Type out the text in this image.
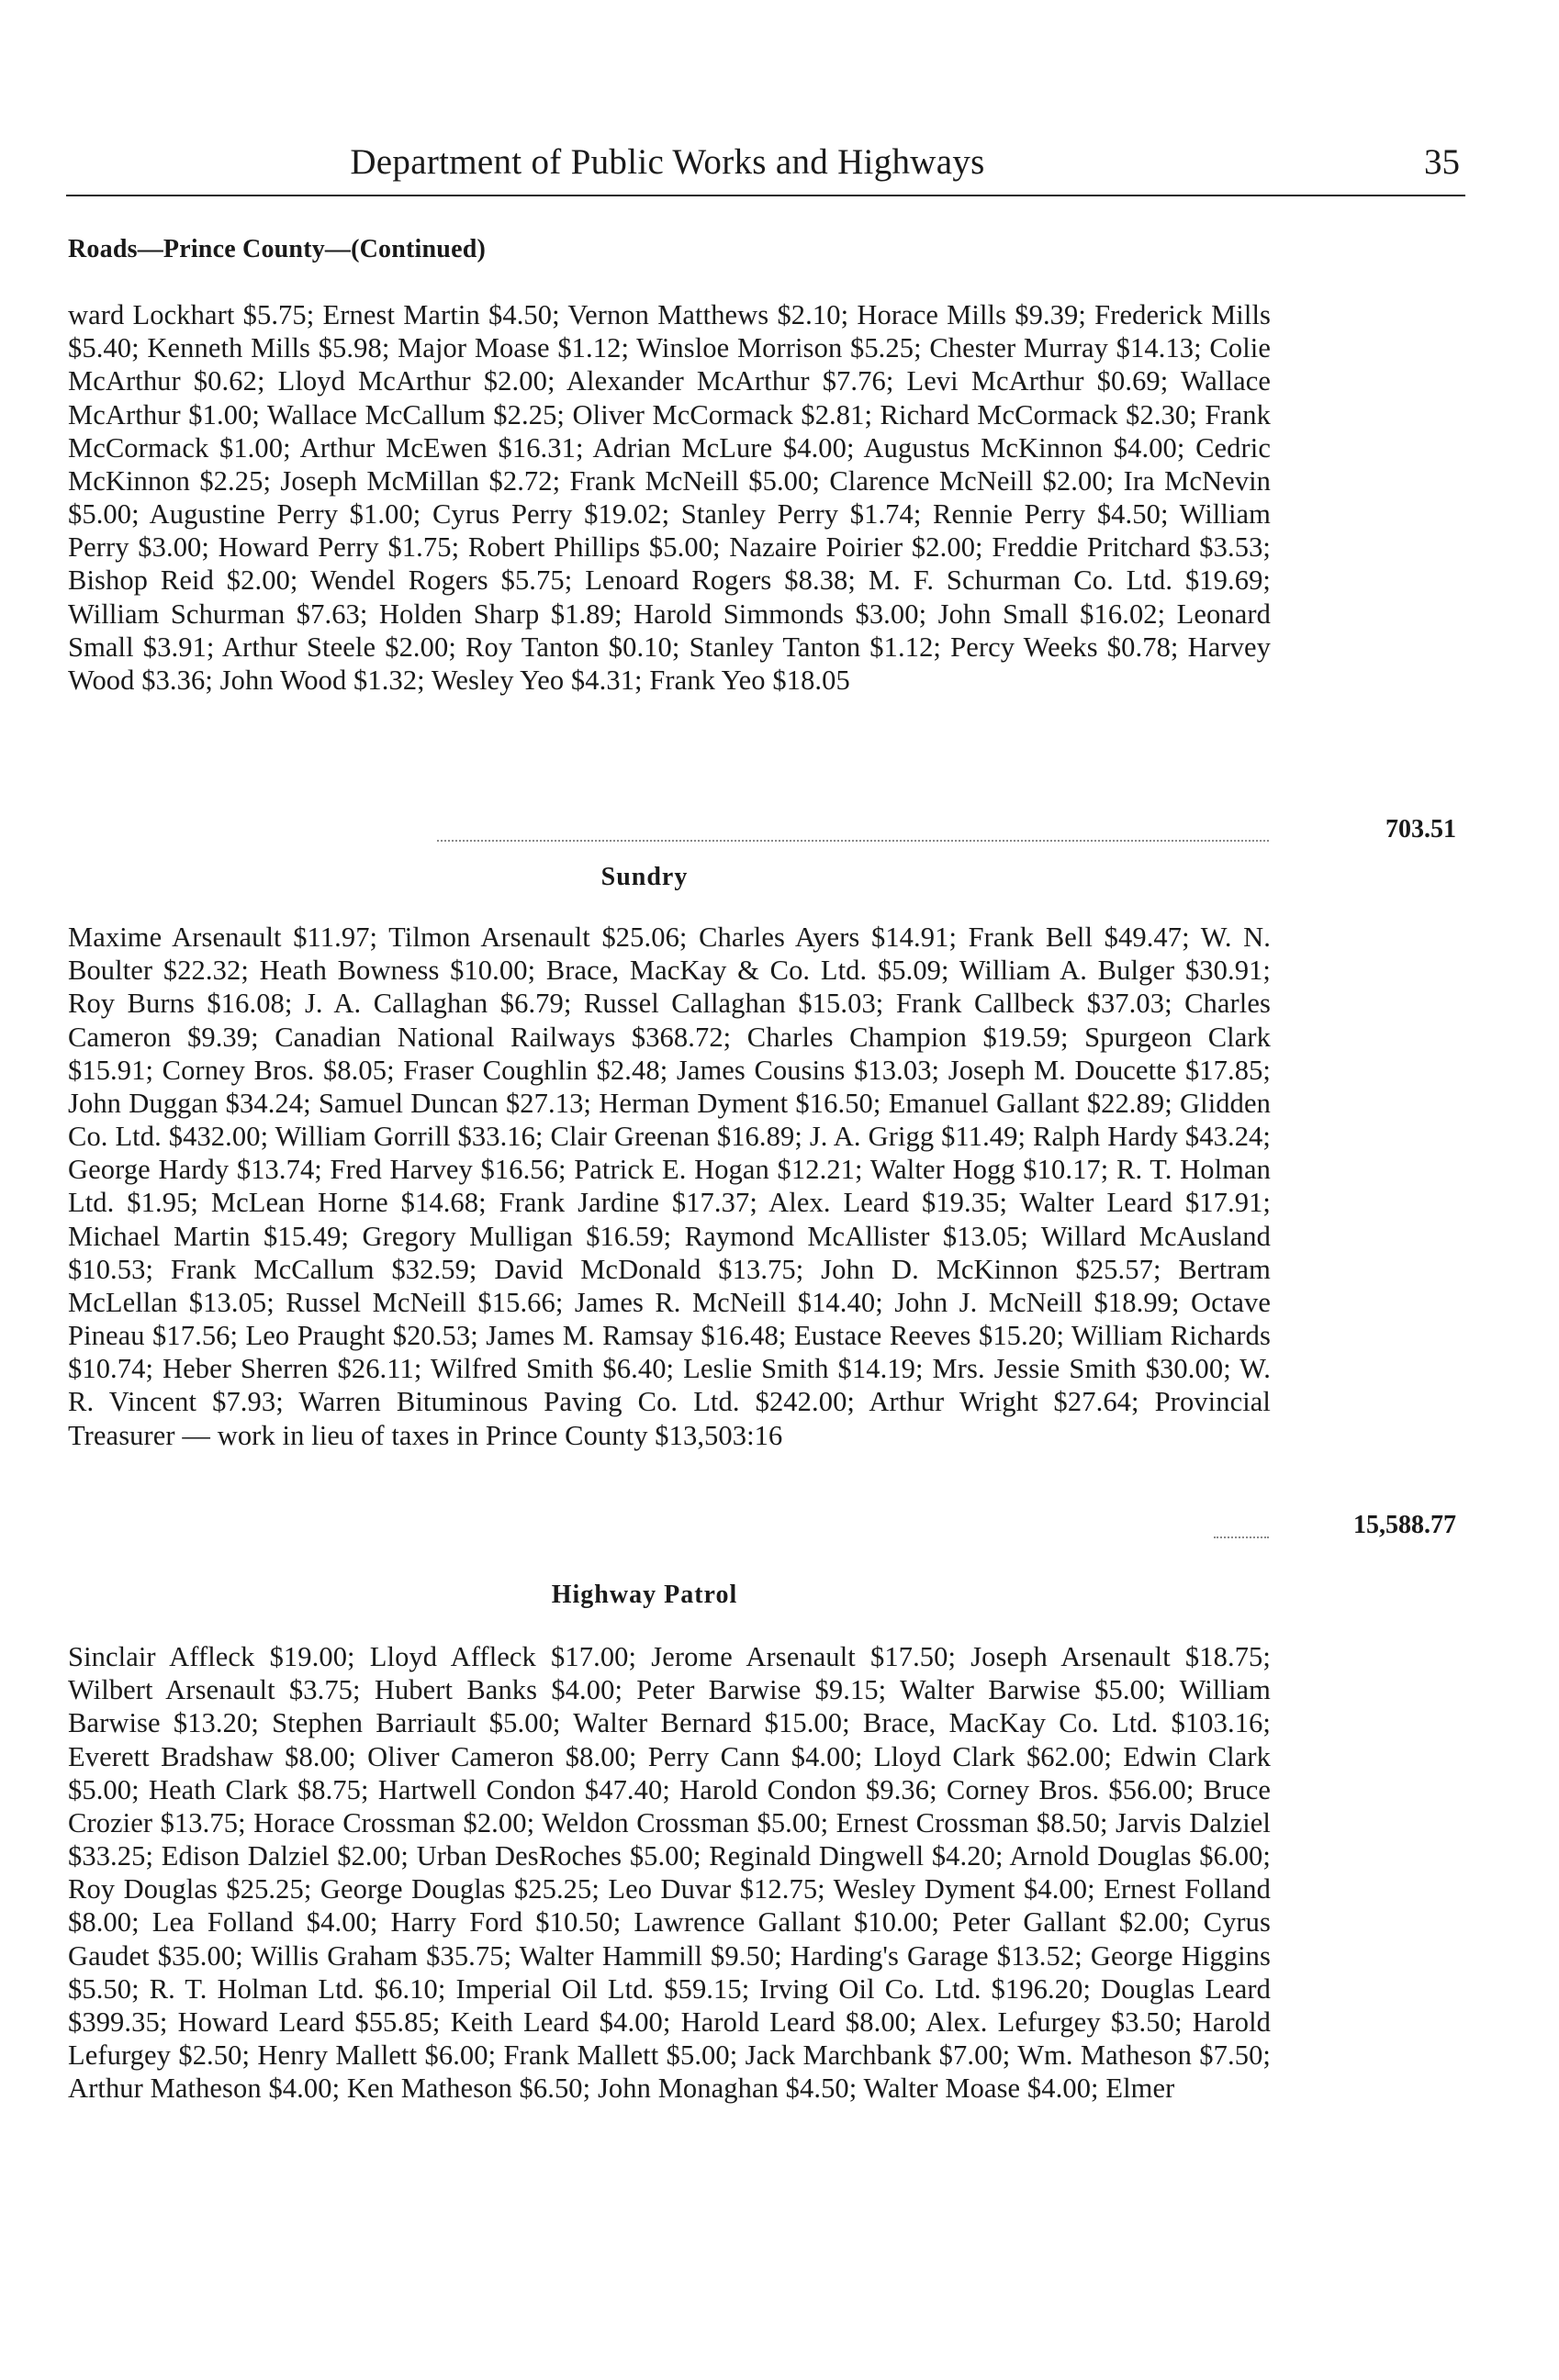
Department of Public Works and Highways	35
Roads—Prince County—(Continued)

ward Lockhart $5.75; Ernest Martin $4.50; Vernon Matthews $2.10; Horace Mills $9.39; Frederick Mills $5.40; Kenneth Mills $5.98; Major Moase $1.12; Winsloe Morrison $5.25; Chester Murray $14.13; Colie McArthur $0.62; Lloyd McArthur $2.00; Alexander McArthur $7.76; Levi McArthur $0.69; Wallace McArthur $1.00; Wallace McCallum $2.25; Oliver McCormack $2.81; Richard McCormack $2.30; Frank McCormack $1.00; Arthur McEwen $16.31; Adrian McLure $4.00; Augustus McKinnon $4.00; Cedric McKinnon $2.25; Joseph McMillan $2.72; Frank McNeill $5.00; Clarence McNeill $2.00; Ira McNevin $5.00; Augustine Perry $1.00; Cyrus Perry $19.02; Stanley Perry $1.74; Rennie Perry $4.50; William Perry $3.00; Howard Perry $1.75; Robert Phillips $5.00; Nazaire Poirier $2.00; Freddie Pritchard $3.53; Bishop Reid $2.00; Wendel Rogers $5.75; Lenoard Rogers $8.38; M. F. Schurman Co. Ltd. $19.69; William Schurman $7.63; Holden Sharp $1.89; Harold Simmonds $3.00; John Small $16.02; Leonard Small $3.91; Arthur Steele $2.00; Roy Tanton $0.10; Stanley Tanton $1.12; Percy Weeks $0.78; Harvey Wood $3.36; John Wood $1.32; Wesley Yeo $4.31; Frank Yeo $18.05

703.51
Sundry

Maxime Arsenault $11.97; Tilmon Arsenault $25.06; Charles Ayers $14.91; Frank Bell $49.47; W. N. Boulter $22.32; Heath Bowness $10.00; Brace, MacKay & Co. Ltd. $5.09; William A. Bulger $30.91; Roy Burns $16.08; J. A. Callaghan $6.79; Russel Callaghan $15.03; Frank Callbeck $37.03; Charles Cameron $9.39; Canadian National Railways $368.72; Charles Champion $19.59; Spurgeon Clark $15.91; Corney Bros. $8.05; Fraser Coughlin $2.48; James Cousins $13.03; Joseph M. Doucette $17.85; John Duggan $34.24; Samuel Duncan $27.13; Herman Dyment $16.50; Emanuel Gallant $22.89; Glidden Co. Ltd. $432.00; William Gorrill $33.16; Clair Greenan $16.89; J. A. Grigg $11.49; Ralph Hardy $43.24; George Hardy $13.74; Fred Harvey $16.56; Patrick E. Hogan $12.21; Walter Hogg $10.17; R. T. Holman Ltd. $1.95; McLean Horne $14.68; Frank Jardine $17.37; Alex. Leard $19.35; Walter Leard $17.91; Michael Martin $15.49; Gregory Mulligan $16.59; Raymond McAllister $13.05; Willard McAusland $10.53; Frank McCallum $32.59; David McDonald $13.75; John D. McKinnon $25.57; Bertram McLellan $13.05; Russel McNeill $15.66; James R. McNeill $14.40; John J. McNeill $18.99; Octave Pineau $17.56; Leo Praught $20.53; James M. Ramsay $16.48; Eustace Reeves $15.20; William Richards $10.74; Heber Sherren $26.11; Wilfred Smith $6.40; Leslie Smith $14.19; Mrs. Jessie Smith $30.00; W. R. Vincent $7.93; Warren Bituminous Paving Co. Ltd. $242.00; Arthur Wright $27.64; Provincial Treasurer — work in lieu of taxes in Prince County $13,503:16

15,588.77
Highway Patrol

Sinclair Affleck $19.00; Lloyd Affleck $17.00; Jerome Arsenault $17.50; Joseph Arsenault $18.75; Wilbert Arsenault $3.75; Hubert Banks $4.00; Peter Barwise $9.15; Walter Barwise $5.00; William Barwise $13.20; Stephen Barriault $5.00; Walter Bernard $15.00; Brace, MacKay Co. Ltd. $103.16; Everett Bradshaw $8.00; Oliver Cameron $8.00; Perry Cann $4.00; Lloyd Clark $62.00; Edwin Clark $5.00; Heath Clark $8.75; Hartwell Condon $47.40; Harold Condon $9.36; Corney Bros. $56.00; Bruce Crozier $13.75; Horace Crossman $2.00; Weldon Crossman $5.00; Ernest Crossman $8.50; Jarvis Dalziel $33.25; Edison Dalziel $2.00; Urban DesRoches $5.00; Reginald Dingwell $4.20; Arnold Douglas $6.00; Roy Douglas $25.25; George Douglas $25.25; Leo Duvar $12.75; Wesley Dyment $4.00; Ernest Folland $8.00; Lea Folland $4.00; Harry Ford $10.50; Lawrence Gallant $10.00; Peter Gallant $2.00; Cyrus Gaudet $35.00; Willis Graham $35.75; Walter Hammill $9.50; Harding's Garage $13.52; George Higgins $5.50; R. T. Holman Ltd. $6.10; Imperial Oil Ltd. $59.15; Irving Oil Co. Ltd. $196.20; Douglas Leard $399.35; Howard Leard $55.85; Keith Leard $4.00; Harold Leard $8.00; Alex. Lefurgey $3.50; Harold Lefurgey $2.50; Henry Mallett $6.00; Frank Mallett $5.00; Jack Marchbank $7.00; Wm. Matheson $7.50; Arthur Matheson $4.00; Ken Matheson $6.50; John Monaghan $4.50; Walter Moase $4.00; Elmer
